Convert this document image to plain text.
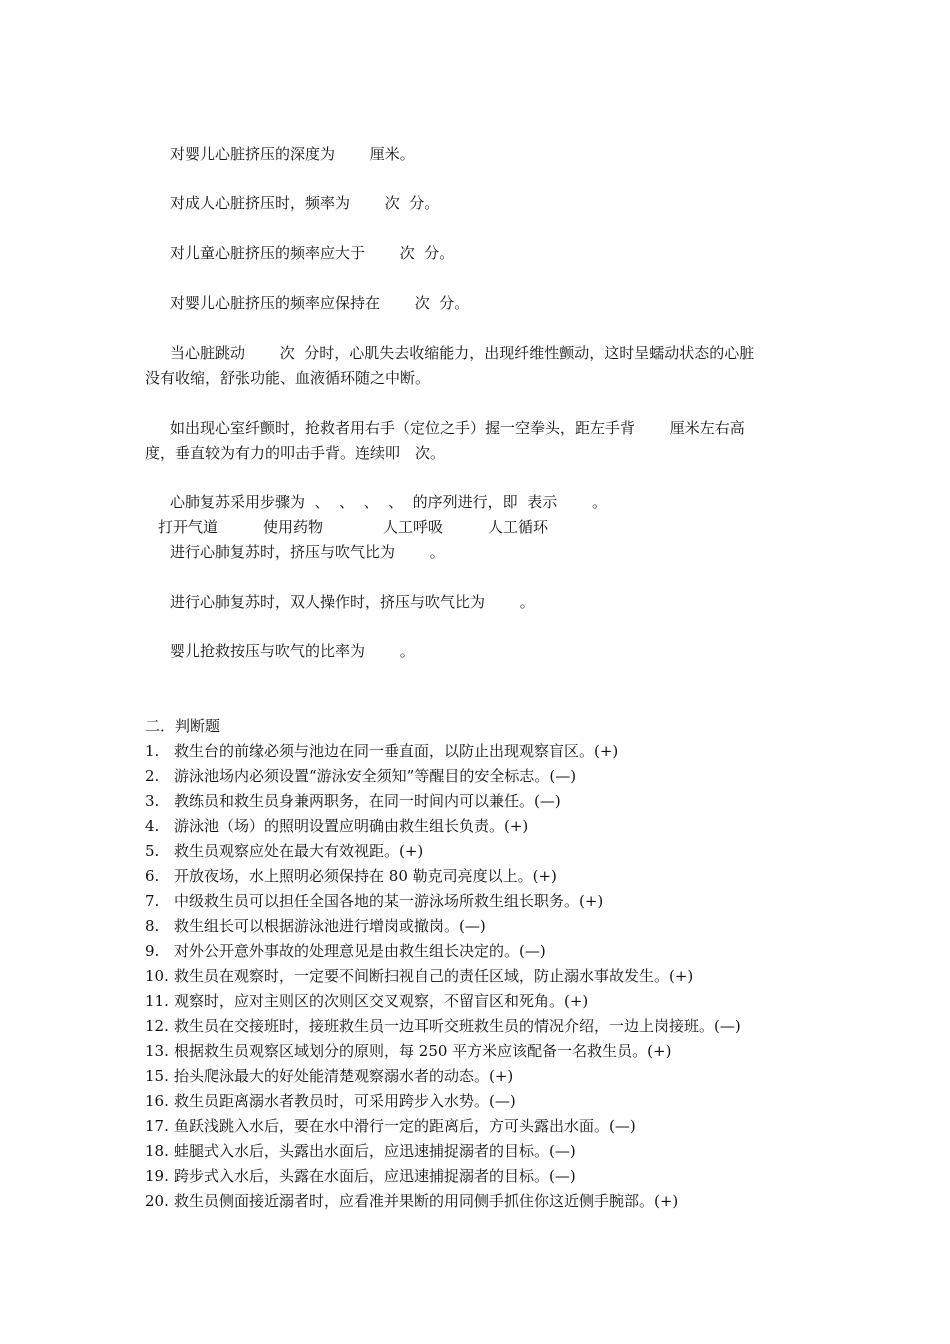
对婴儿心脏挤压的深度为　　 厘米。
对成人心脏挤压时，频率为　　 次  分。
对儿童心脏挤压的频率应大于　　 次  分。
对婴儿心脏挤压的频率应保持在　　 次  分。
当心脏跳动　　 次  分时，心肌失去收缩能力，出现纤维性颤动，这时呈蠕动状态的心脏
没有收缩，舒张功能、血液循环随之中断。
如出现心室纤颤时，抢救者用右手（定位之手）握一空拳头，距左手背　　 厘米左右高
度，垂直较为有力的叩击手背。连续叩　次。
心肺复苏采用步骤为  、  、  、  、  的序列进行，即  表示　　 。
打开气道　　　使用药物　　　　人工呼吸　　　人工循环
进行心肺复苏时，挤压与吹气比为　　 。
进行心肺复苏时，双人操作时，挤压与吹气比为　　 。
婴儿抢救按压与吹气的比率为　　 。
二．判断题
1. 救生台的前缘必须与池边在同一垂直面，以防止出现观察盲区。(+)
2. 游泳池场内必须设置“游泳安全须知”等醒目的安全标志。(—)
3. 教练员和救生员身兼两职务，在同一时间内可以兼任。(—)
4. 游泳池（场）的照明设置应明确由救生组长负责。(+)
5. 救生员观察应处在最大有效视距。(+)
6. 开放夜场，水上照明必须保持在 80 勒克司亮度以上。(+)
7. 中级救生员可以担任全国各地的某一游泳场所救生组长职务。(+)
8. 救生组长可以根据游泳池进行增岗或撤岗。(—)
9. 对外公开意外事故的处理意见是由救生组长决定的。(—)
10. 救生员在观察时，一定要不间断扫视自己的责任区域，防止溺水事故发生。(+)
11. 观察时，应对主则区的次则区交叉观察，不留盲区和死角。(+)
12. 救生员在交接班时，接班救生员一边耳听交班救生员的情况介绍，一边上岗接班。(—)
13. 根据救生员观察区域划分的原则，每 250 平方米应该配备一名救生员。(+)
15. 抬头爬泳最大的好处能清楚观察溺水者的动态。(+)
16. 救生员距离溺水者教员时，可采用跨步入水势。(—)
17. 鱼跃浅跳入水后，要在水中滑行一定的距离后，方可头露出水面。(—)
18. 蛙腿式入水后，头露出水面后，应迅速捕捉溺者的目标。(—)
19. 跨步式入水后，头露在水面后，应迅速捕捉溺者的目标。(—)
20. 救生员侧面接近溺者时，应看准并果断的用同侧手抓住你这近侧手腕部。(+)
